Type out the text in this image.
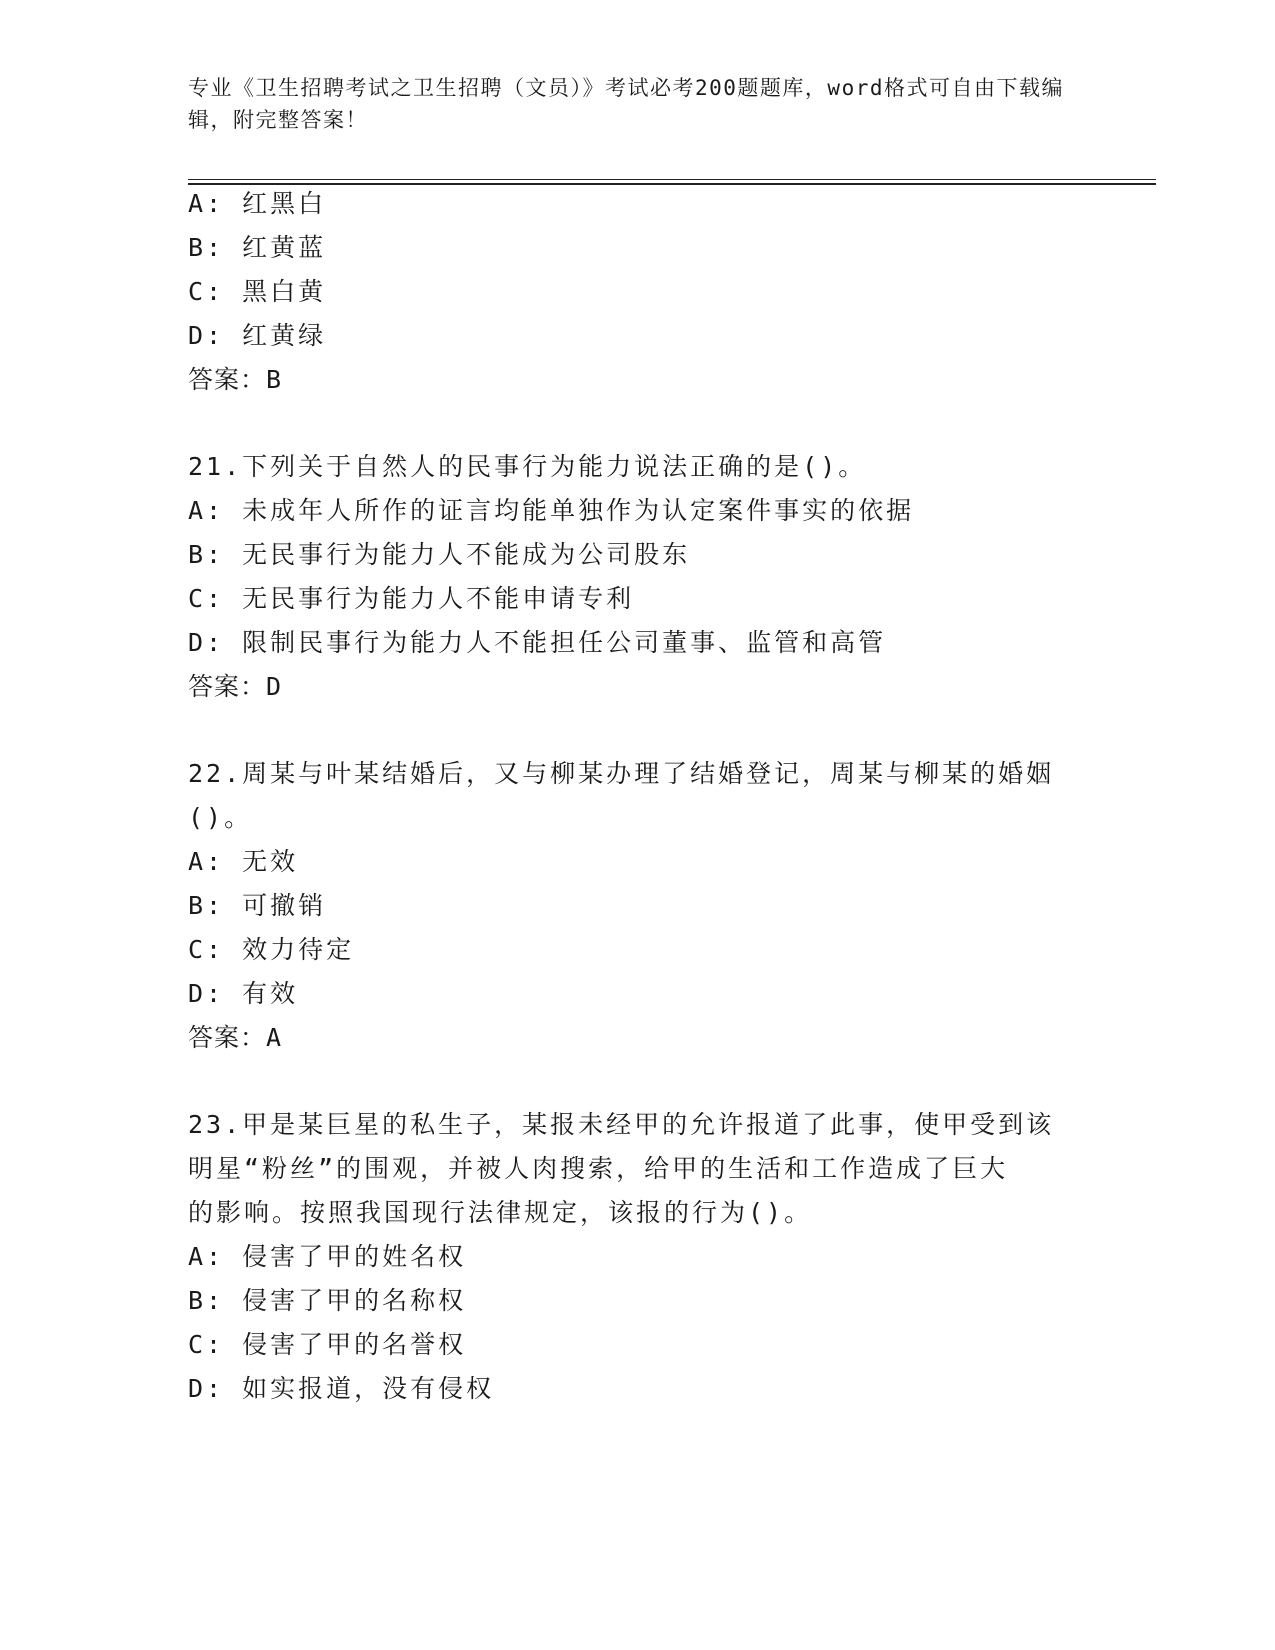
专业《卫生招聘考试之卫生招聘（文员）》考试必考200题题库，word格式可自由下载编辑，附完整答案！
A: 红黑白
B: 红黄蓝
C: 黑白黄
D: 红黄绿
答案：B
21.下列关于自然人的民事行为能力说法正确的是()。
A: 未成年人所作的证言均能单独作为认定案件事实的依据
B: 无民事行为能力人不能成为公司股东
C: 无民事行为能力人不能申请专利
D: 限制民事行为能力人不能担任公司董事、监管和高管
答案：D
22.周某与叶某结婚后，又与柳某办理了结婚登记，周某与柳某的婚姻
()。
A: 无效
B: 可撤销
C: 效力待定
D: 有效
答案：A
23.甲是某巨星的私生子，某报未经甲的允许报道了此事，使甲受到该
明星“粉丝”的围观，并被人肉搜索，给甲的生活和工作造成了巨大
的影响。按照我国现行法律规定，该报的行为()。
A: 侵害了甲的姓名权
B: 侵害了甲的名称权
C: 侵害了甲的名誉权
D: 如实报道，没有侵权
